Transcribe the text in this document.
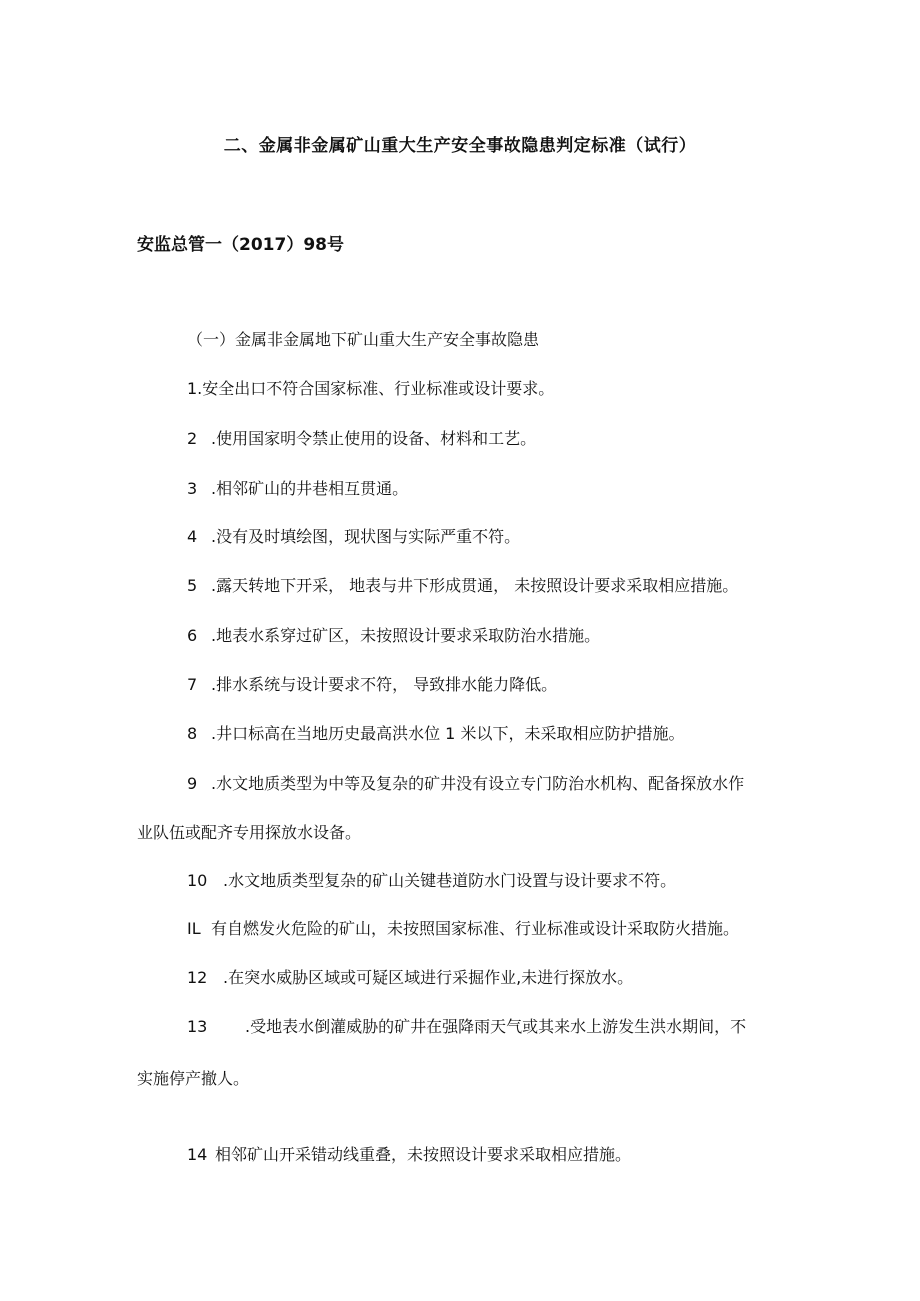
二、金属非金属矿山重大生产安全事故隐患判定标准（试行）
安监总管一（2017）98号
（一）金属非金属地下矿山重大生产安全事故隐患
1.安全出口不符合国家标准、行业标准或设计要求。
2 .使用国家明令禁止使用的设备、材料和工艺。
3 .相邻矿山的井巷相互贯通。
4 .没有及时填绘图，现状图与实际严重不符。
5 .露天转地下开采， 地表与井下形成贯通， 未按照设计要求采取相应措施。
6 .地表水系穿过矿区，未按照设计要求采取防治水措施。
7 .排水系统与设计要求不符， 导致排水能力降低。
8 .井口标高在当地历史最高洪水位 1 米以下，未采取相应防护措施。
9 .水文地质类型为中等及复杂的矿井没有设立专门防治水机构、配备探放水作
业队伍或配齐专用探放水设备。
10 .水文地质类型复杂的矿山关键巷道防水门设置与设计要求不符。
IL 有自燃发火危险的矿山，未按照国家标准、行业标准或设计采取防火措施。
12 .在突水威胁区域或可疑区域进行采掘作业,未进行探放水。
13 .受地表水倒灌威胁的矿井在强降雨天气或其来水上游发生洪水期间，不
实施停产撤人。
14 相邻矿山开采错动线重叠，未按照设计要求采取相应措施。
